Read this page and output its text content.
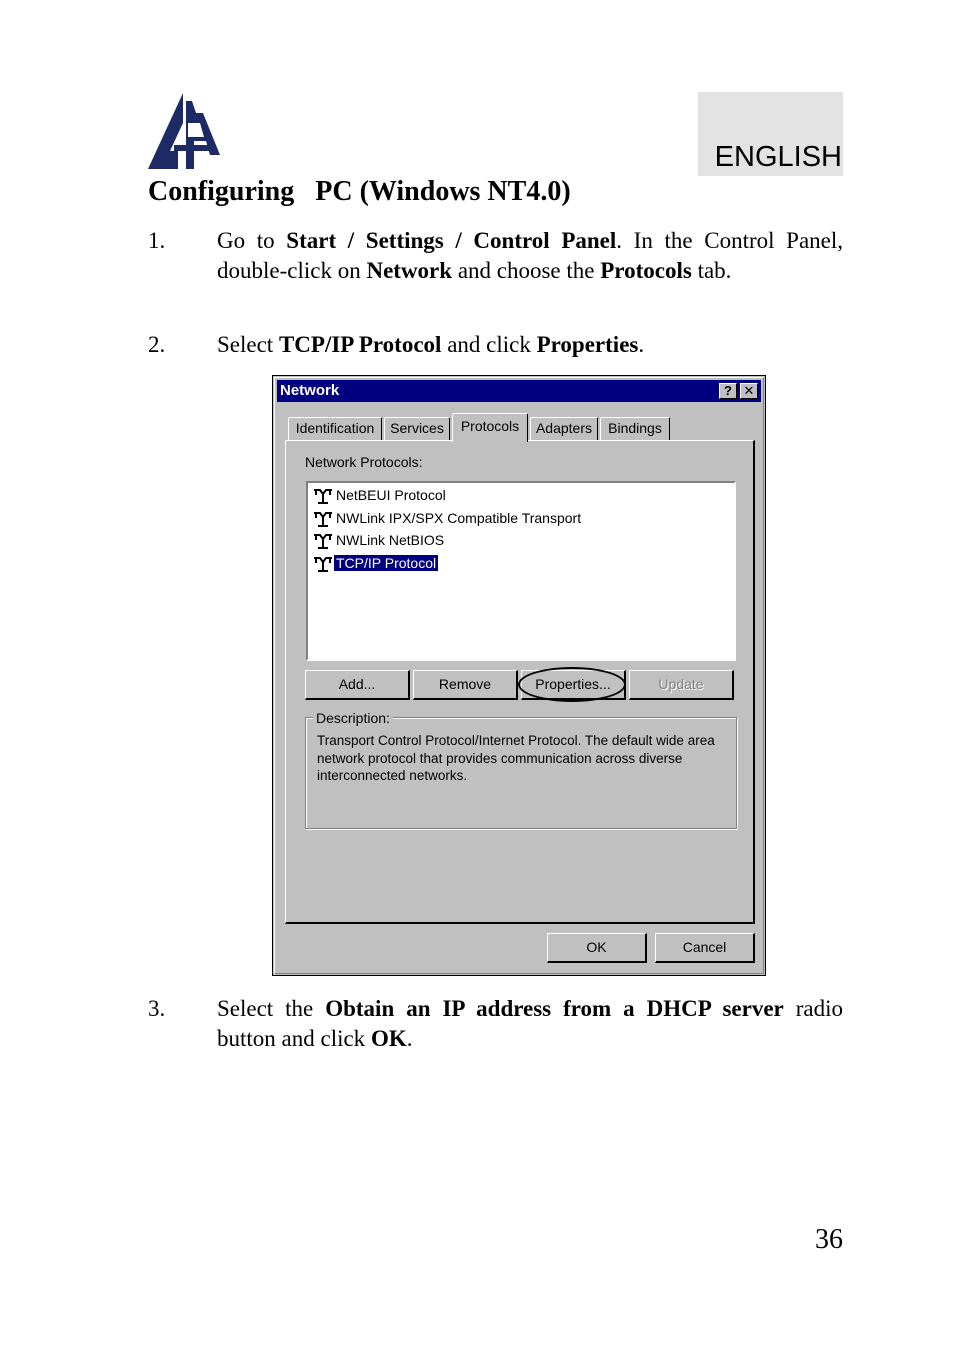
ENGLISH
Configuring   PC (Windows NT4.0)
1. Go to Start / Settings / Control Panel. In the Control Panel, double-click on Network and choose the Protocols tab.
2. Select TCP/IP Protocol and click Properties.
Network	? ✕
Identification	Services	Protocols	Adapters	Bindings
Network Protocols:
NetBEUI Protocol
NWLink IPX/SPX Compatible Transport
NWLink NetBIOS
TCP/IP Protocol
Add...	Remove	Properties...	Update
Description:
Transport Control Protocol/Internet Protocol. The default wide area network protocol that provides communication across diverse interconnected networks.
OK	Cancel
3. Select the Obtain an IP address from a DHCP server radio button and click OK.
36
